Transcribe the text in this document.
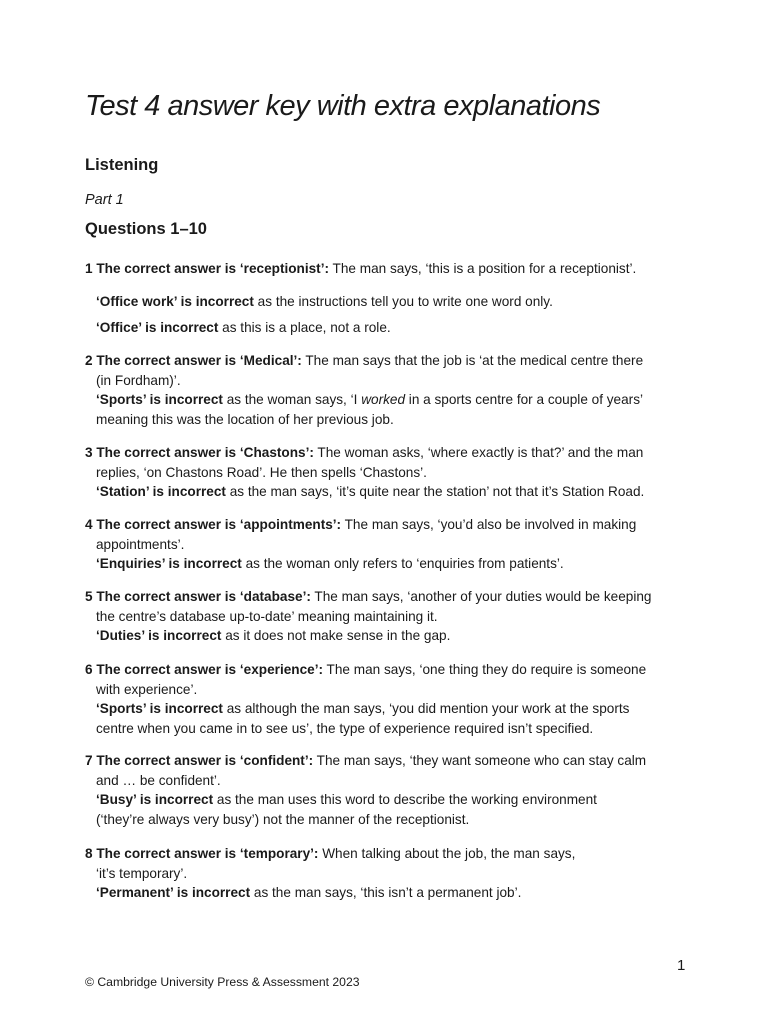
Test 4 answer key with extra explanations
Listening
Part 1
Questions 1–10

1 The correct answer is ‘receptionist’: The man says, ‘this is a position for a receptionist’.

‘Office work’ is incorrect as the instructions tell you to write one word only.

‘Office’ is incorrect as this is a place, not a role.

2 The correct answer is ‘Medical’: The man says that the job is ‘at the medical centre there

(in Fordham)’.

‘Sports’ is incorrect as the woman says, ‘I worked in a sports centre for a couple of years’

meaning this was the location of her previous job.

3 The correct answer is ‘Chastons’: The woman asks, ‘where exactly is that?’ and the man

replies, ‘on Chastons Road’. He then spells ‘Chastons’.

‘Station’ is incorrect as the man says, ‘it’s quite near the station’ not that it’s Station Road.

4 The correct answer is ‘appointments’: The man says, ‘you’d also be involved in making

appointments’.

‘Enquiries’ is incorrect as the woman only refers to ‘enquiries from patients’.

5 The correct answer is ‘database’: The man says, ‘another of your duties would be keeping

the centre’s database up-to-date’ meaning maintaining it.

‘Duties’ is incorrect as it does not make sense in the gap.

6 The correct answer is ‘experience’: The man says, ‘one thing they do require is someone

with experience’.

‘Sports’ is incorrect as although the man says, ‘you did mention your work at the sports

centre when you came in to see us’, the type of experience required isn’t specified.

7 The correct answer is ‘confident’: The man says, ‘they want someone who can stay calm

and … be confident’.

‘Busy’ is incorrect as the man uses this word to describe the working environment

(‘they’re always very busy’) not the manner of the receptionist.

8 The correct answer is ‘temporary’: When talking about the job, the man says,

‘it’s temporary’.

‘Permanent’ is incorrect as the man says, ‘this isn’t a permanent job’.

1
© Cambridge University Press & Assessment 2023
